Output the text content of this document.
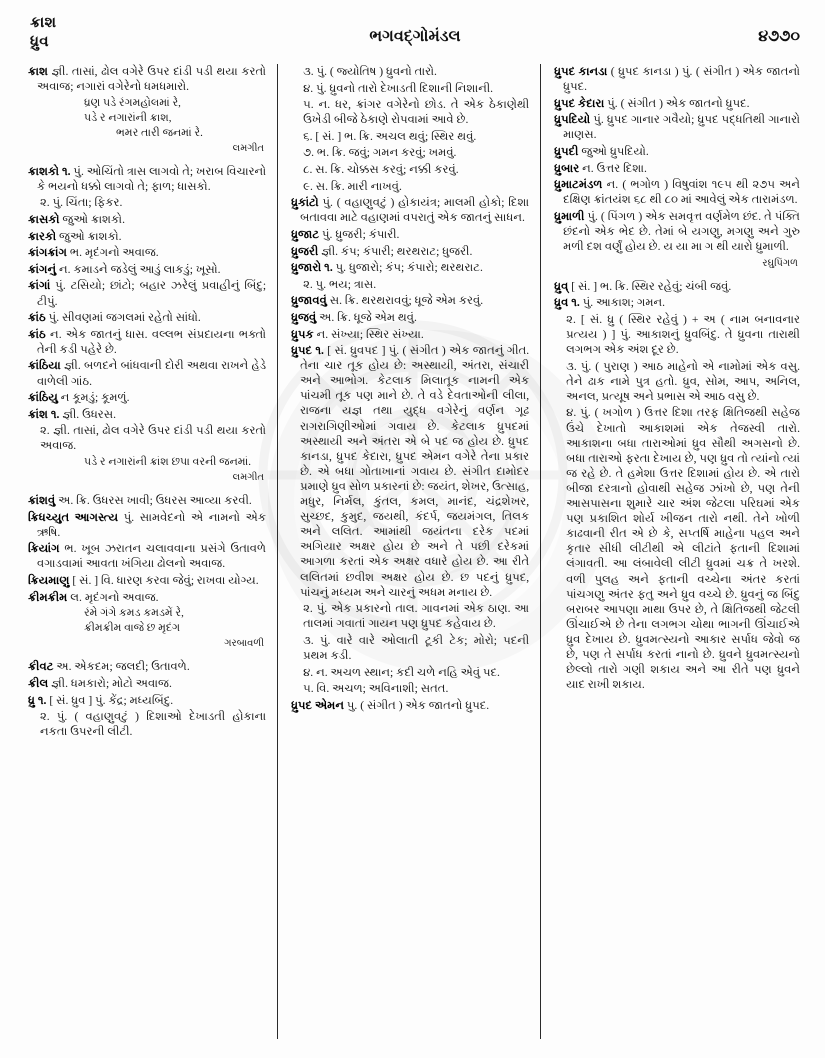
ક્રાશ
ધ્રુવ	ભગવદ્ગોમંડલ	૪૭૭૦

ક્રાશ જ્ઞી. તાસાં, ઢોલ વગેરે ઉપર દાંડી પડી થયા કરતો અવાજ; નગારાં વગેરેનો ધમધમારો.

ધ્રણ પડે રંગમહોલમાં રે,

પડે ર નગારાંની ક્રાશ,

ભમર તારી જનમાં રે.

લમગીત

ક્રાશકો ૧. પું. ઓચિંતો ત્રાસ લાગવો તે; ખરાબ વિચારનો કે ભયનો ધક્કો લાગવો તે; ફાળ; ધાસકો.

૨. પું. ચિંતા; ફિકર.

ક્રાસકો જુઓ ક્રાશકો.

ક્રારકો જુઓ ક્રાશકો.

ક્રાંગક્રાંગ ભ. મૃદંગનો અવાજ.

ક્રાંગનું ન. કમાડને જડેલું આડું લાકડું; ખૂસો.

ક્રાંગાં પું. ટસિયો; છાંટો; બહાર ઝરેલું પ્રવાહીનું બિંદુ; ટીપું.

ક્રાંઠ પું. સીવણમાં જગલમાં રહેતો સાંધો.

ક્રાંઠ ન. એક જાતનું ધાસ. વલ્લભ સંપ્રદાયના ભક્તો તેની કડી પહેરે છે.

ક્રાંઠિયા જ્ઞી. બળદને બાંધવાની દોરી અથવા રાખને હેડે વાળેલી ગાંઠ.

ક્રાંઠિયુ ન કૂમડું; કૂમળું.

ક્રાંશ ૧. જ્ઞી. ઉધરસ.

૨. જ્ઞી. તાસાં, ઢોલ વગેરે ઉપર દાંડી પડી થયા કરતો અવાજ.

પડે ર નગારાંની ક્રાંશ છપા વરની જનમાં.

લમગીત

ક્રાંશવું અ. ક્રિ. ઉધરસ ખાવી; ઉધરસ આવ્યા કરવી.

ક્રિધચ્યુત આગસ્ત્ય પું. સામવેદનો એ નામનો એક ઋષિ.

ક્રિયાંગ ભ. ખૂબ ઝરાતન ચલાવવાના પ્રસંગે ઉતાવળે વગાડવામાં આવતા ખંગિયા ઢોલનો અવાજ.

ક્રિયમાણુ [ સં. ] વિ. ધારણ કરવા જેવું; રાખવા યોગ્ય.

ક્રીમક્રીમ લ. મૃદંગનો અવાજ.

રંમે ગંગે કમડ કમડમેં રે,

ક્રીમક્રીમ વાજે છ મૃદંગ

ગરબાવળી

ક્રીવટ અ. એકદમ; જલદી; ઉતાવળે.

ક્રીલ જ્ઞી. ધમકારો; મોટો અવાજ.

ધ્રુ ૧. [ સં. ધ્રુવ ] પું. કેંદ્ર; મધ્યબિંદુ.

૨. પું. ( વહાણુવટું ) દિશાઓ દેખાડતી હોકાના નકતા ઉપરની લીટી.

૩. પું. ( જ્યોતિષ ) ધ્રુવનો તારો.

૪. પું. ધ્રુવનો તારો દેખાડતી દિશાની નિશાની.

૫. ન. ધર, ક્રાંગર વગેરેનો છોડ. તે એક ઠેકાણેથી ઉખેડી બીજે ઠેકાણે રોપવામાં આવે છે.

૬. [ સં. ] ભ. ક્રિ. અચલ થવું; સ્થિર થવું.

૭. ભ. ક્રિ. જવું; ગમન કરવું; ખમવું.

૮. સ. ક્રિ. ચોક્કસ કરવું; નક્કી કરવું.

૯. સ. ક્રિ. મારી નાખવું.

ધ્રુકાંટો પું. ( વહાણુવટું ) હોકાયંત્ર; માલમી હોકો; દિશા બતાવવા માટે વહાણમાં વપરાતું એક જાતનું સાધન.

ધ્રુજાટ પું. ધ્રુજરી; કંપારી.

ધ્રુજરી જ્ઞી. કંપ; કંપારી; થરથરાટ; ધુજરી.

ધ્રુજારો ૧. પુ. ધુજારો; કંપ; કંપારો; થરથરાટ.

૨. પુ. ભય; ત્રાસ.

ધ્રુજાવવું સ. ક્રિ. થરથરાવવું; ધૂજે એમ કરવું.

ધ્રુજવું અ. ક્રિ. ધૂજે એમ થવું.

ધ્રુપક ન. સંખ્યા; સ્થિર સંખ્યા.

ધ્રુપદ ૧. [ સં. ધ્રુવપદ ] પું. ( સંગીત ) એક જાતનું ગીત. તેના ચાર તૂક હોય છે: અસ્થાયી, અંતરા, સંચારી અને આભોગ. કેટલાક મિલાતૂક નામની એક પાંચમી તૂક પણ માને છે. તે વડે દેવતાઓની લીલા, રાજના યજ્ઞ તથા યુદ્ધ વગેરેનું વર્ણન ગૂઢ રાગરાગિણીઓમાં ગવાય છે. કેટલાક ધ્રુપદમાં અસ્થાયી અને અંતરા એ બે પદ જ હોય છે. ધ્રુપદ કાનડા, ધ્રુપદ કેદારા, ધ્રુપદ એમન વગેરે તેના પ્રકાર છે. એ બધા ગોતાખાનાં ગવાય છે. સંગીત દામોદર પ્રમાણે ધ્રુવ સોળ પ્રકારનાં છે: જયંત, શેખર, ઉત્સાહ, મધુર, નિર્મલ, કુંતલ, કમલ, માનંદ, ચંદ્રશેખર, સુચ્છદ, કુમુદ, જયથી, કંદર્પ, જયમંગલ, તિલક અને લલિત. આમાંથી જયંતના દરેક પદમાં અગિયાર અક્ષર હોય છે અને તે પછી દરેકમાં આગળા કરતાં એક અક્ષર વધારે હોય છે. આ રીતે લલિતમાં છવીશ અક્ષર હોય છે. છ પદનું ધ્રુપદ, પાંચનું મધ્યમ અને ચારનું અધમ મનાય છે.

૨. પું. એક પ્રકારનો તાલ. ગાવનમાં એક ઠાણ. આ તાલમાં ગવાતાં ગાયન પણ ધ્રુપદ કહેવાય છે.

૩. પું. વારે વારે ઓલાતી ટૂકી ટેક; મોરો; પદની પ્રથમ કડી.

૪. ન. અચળ સ્થાન; કદી ચળે નહિ એવું પદ.

૫. વિ. અચળ; અવિનાશી; સતત.

ધ્રુપદ એમન પુ. ( સંગીત ) એક જાતનો ધ્રુપદ.

ધ્રુપદ કાનડા ( ધ્રુપદ કાનડા ) પું. ( સંગીત ) એક જાતનો ધ્રુપદ.

ધ્રુપદ કેદારા પું. ( સંગીત ) એક જાતનો ધ્રુપદ.

ધ્રુપદિયો પું. ધ્રુપદ ગાનાર ગવૈયો; ધ્રુપદ પદ્ધતિથી ગાનારો માણસ.

ધ્રુપદી જુઓ ધ્રુપદિયો.

ધ્રુબાર ન. ઉત્તર દિશા.

ધ્રુમાટમંડળ ન. ( ભગોળ ) વિષુવાંશ ૧૯૫ થી ૨૭૫ અને દક્ષિણ ક્રાંતયંશ ૬૮ થી ૮૦ માં આવેલું એક તારામંડળ.

ધ્રુમાળી પું. ( પિંગળ ) એક સમવૃત્ત વર્ણમેળ છંદ. તે પંક્તિ છંદનો એક ભેદ છે. તેમાં બે યગણુ, મગણુ અને ગુરુ મળી દશ વર્ણું હોય છે. ય યા મા ગ થી યારો ધ્રુમાળી.

રઘુપિંગળ

ધ્રુવ્ [ સં. ] ભ. ક્રિ. સ્થિર રહેવું; ચંબી જવું.

ધ્રુવ ૧. પું. આકાશ; ગમન.

૨. [ સં. ધ્રુ ( સ્થિર રહેવું ) + અ ( નામ બનાવનાર પ્રત્યય ) ] પું. આકાશનું ધ્રુવબિંદુ. તે ધ્રુવના તારાથી લગભગ એક અંશ દૂર છે.

૩. પું. ( પુરાણ ) આઠ માહેનો એ નામોમાં એક વસુ. તેને ઢાક નામે પુત્ર હતો. ધ્રુવ, સોમ, આપ, અનિલ, અનલ, પ્રત્યૂષ અને પ્રભાસ એ આઠ વસુ છે.

૪. પું. ( ખગોળ ) ઉત્તર દિશા તરફ ક્ષિતિજથી સહેજ ઉંચે દેખાતો આકાશમાં એક તેજસ્વી તારો. આકાશના બધા તારાઓમાં ધ્રુવ સૌથી અગસનો છે. બધા તારાઓ ફરતા દેખાય છે, પણ ધ્રુવ તો ત્યાંનો ત્યાં જ રહે છે. તે હમેશા ઉત્તર દિશામાં હોય છે. એ તારો બીજા દરત્રાનો હોવાથી સહેજ ઝાંખો છે, પણ તેની આસપાસના શુમારે ચાર અંશ જેટલા પરિઘમાં એક પણ પ્રકાશિત શોર્ય ખીજન તારો નથી. તેને ખોળી કાઢવાની રીત એ છે કે, સપ્તર્ષિ માહેના પહલ અને કૃતાર સીધી લીટીથી એ લીટાંતે ફતાની દિશામાં લંગાવતી. આ લંબાવેલી લીટી ધ્રુવમાં ચક્ર તે ખરશે. વળી પુલહ અને ફતાની વચ્ચેના અંતર કરતાં પાંચગણુ અંતર ફતુ અને ધ્રુવ વચ્ચે છે. ધ્રુવનું જ બિંદુ બરાબર આપણા માથા ઉપર છે, તે ક્ષિતિજથી જેટલી ઊંચાઈએ છે તેના લગભગ ચોથા ભાગની ઊંચાઈએ ધ્રુવ દેખાય છે. ધ્રુવમત્સ્યનો આકાર સર્પાધ જેવો જ છે, પણ તે સર્પાધ કરતાં નાનો છે. ધ્રુવને ધ્રુવમત્સ્યનો છેલ્લો તારો ગણી શકાય અને આ રીતે પણ ધ્રુવને યાદ રાખી શકાય.
